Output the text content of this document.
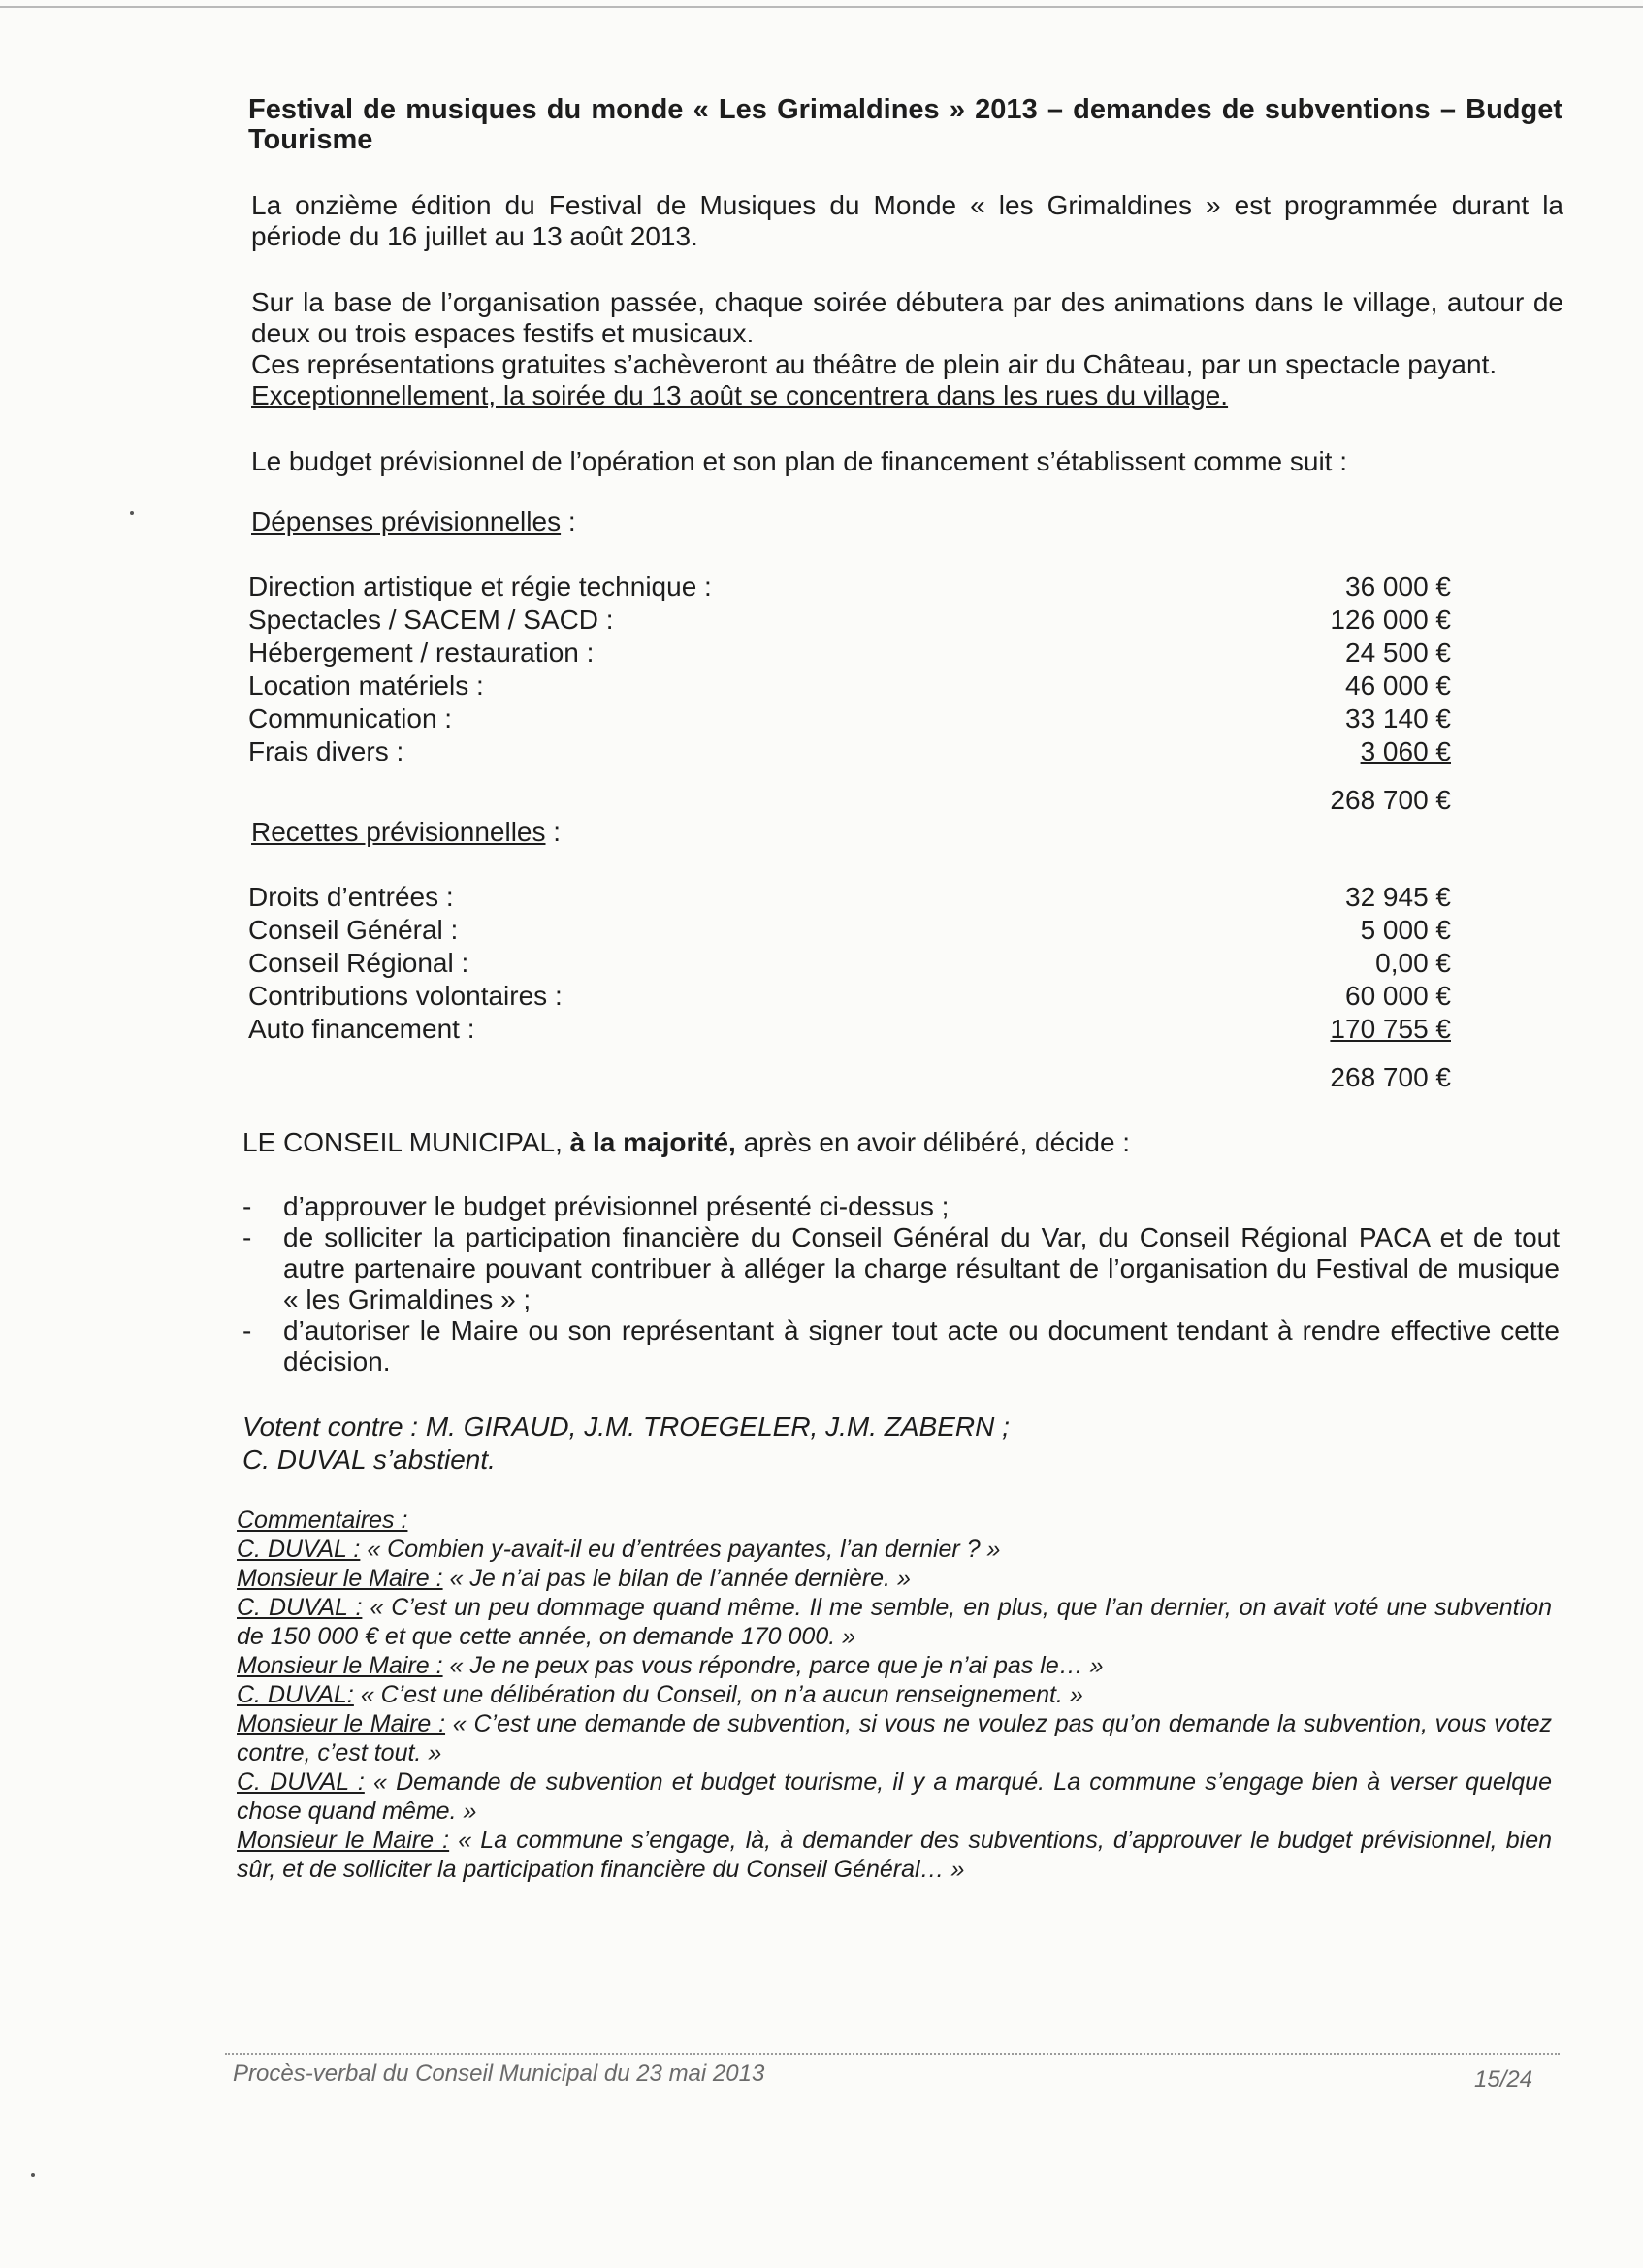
Festival de musiques du monde « Les Grimaldines » 2013 – demandes de subventions – Budget Tourisme

La onzième édition du Festival de Musiques du Monde « les Grimaldines » est programmée durant la période du 16 juillet au 13 août 2013.

Sur la base de l’organisation passée, chaque soirée débutera par des animations dans le village, autour de deux ou trois espaces festifs et musicaux.

Ces représentations gratuites s’achèveront au théâtre de plein air du Château, par un spectacle payant.

Exceptionnellement, la soirée du 13 août se concentrera dans les rues du village.

Le budget prévisionnel de l’opération et son plan de financement s’établissent comme suit :

Dépenses prévisionnelles :
Direction artistique et régie technique :	36 000 €
Spectacles / SACEM / SACD :	126 000 €
Hébergement / restauration :	24 500 €
Location matériels :	46 000 €
Communication :	33 140 €
Frais divers :	3 060 €
268 700 €
Recettes prévisionnelles :
Droits d’entrées :	32 945 €
Conseil Général :	5 000 €
Conseil Régional :	0,00 €
Contributions volontaires :	60 000 €
Auto financement :	170 755 €
268 700 €

LE CONSEIL MUNICIPAL, à la majorité, après en avoir délibéré, décide :

-	d’approuver le budget prévisionnel présenté ci-dessus ;
-	de solliciter la participation financière du Conseil Général du Var, du Conseil Régional PACA et de tout autre partenaire pouvant contribuer à alléger la charge résultant de l’organisation du Festival de musique « les Grimaldines » ;
-	d’autoriser le Maire ou son représentant à signer tout acte ou document tendant à rendre effective cette décision.

Votent contre : M. GIRAUD, J.M. TROEGELER, J.M. ZABERN ;

C. DUVAL s’abstient.

Commentaires :

C. DUVAL : « Combien y-avait-il eu d’entrées payantes, l’an dernier ? »

Monsieur le Maire : « Je n’ai pas le bilan de l’année dernière. »

C. DUVAL : « C’est un peu dommage quand même. Il me semble, en plus, que l’an dernier, on avait voté une subvention de 150 000 € et que cette année, on demande 170 000. »

Monsieur le Maire : « Je ne peux pas vous répondre, parce que je n’ai pas le… »

C. DUVAL: « C’est une délibération du Conseil, on n’a aucun renseignement. »

Monsieur le Maire : « C’est une demande de subvention, si vous ne voulez pas qu’on demande la subvention, vous votez contre, c’est tout. »

C. DUVAL : « Demande de subvention et budget tourisme, il y a marqué. La commune s’engage bien à verser quelque chose quand même. »

Monsieur le Maire : « La commune s’engage, là, à demander des subventions, d’approuver le budget prévisionnel, bien sûr, et de solliciter la participation financière du Conseil Général… »

Procès-verbal du Conseil Municipal du 23 mai 2013	15/24
